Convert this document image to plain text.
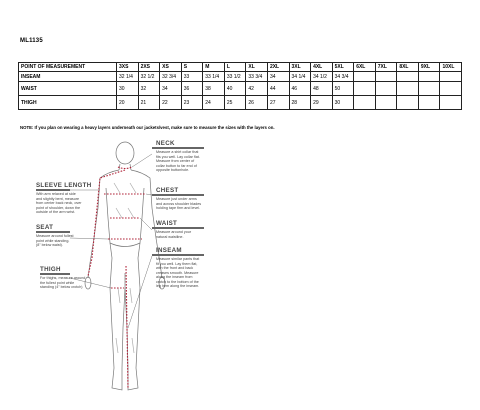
ML1135
POINT OF MEASUREMENT	3XS	2XS	XS	S	M	L	XL	2XL	3XL	4XL	5XL	6XL	7XL	8XL	9XL	10XL
INSEAM	32 1/4	32 1/2	32 3/4	33	33 1/4	33 1/2	33 3/4	34	34 1/4	34 1/2	34 3/4					
WAIST	30	32	34	36	38	40	42	44	46	48	50					
THIGH	20	21	22	23	24	25	26	27	28	29	30					
NOTE: If you plan on wearing a heavy layers underneath our jackets/vest, make sure to measure the sizes with the layers on.
NECK
Measure a shirt collar that
fits you well. Lay collar flat.
Measure from center of
collar button to far end of
opposite buttonhole.
CHEST
Measure just under arms
and across shoulder blades
holding tape firm and level.
WAIST
Measure around your
natural waistline.
INSEAM
Measure similar pants that
fit you well. Lay them flat,
with the front and back
creases smooth. Measure
along the inseam from
crotch to the bottom of the
leg hem along the inseam.
SLEEVE LENGTH
With arm relaxed at side
and slightly bent, measure
from center back neck, over
point of shoulder, down the
outside of the arm wrist.
SEAT
Measure around fullest
point while standing.
(8" below waist).
THIGH
For thighs, measure around
the fullest point while
standing (4" below crotch)
